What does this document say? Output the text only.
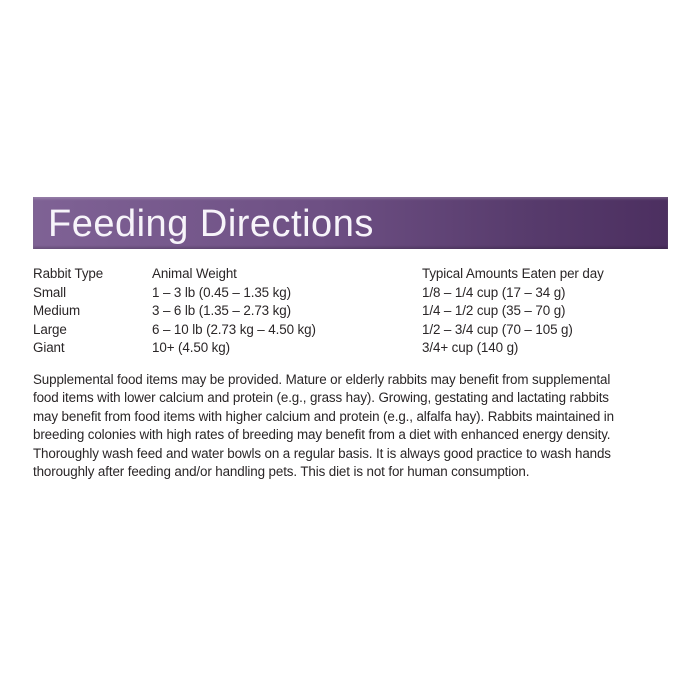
Feeding Directions
Rabbit Type	Animal Weight	Typical Amounts Eaten per day
Small	1 – 3 lb (0.45 – 1.35 kg)	1/8 – 1/4 cup (17 – 34 g)
Medium	3 – 6 lb (1.35 – 2.73 kg)	1/4 – 1/2 cup (35 – 70 g)
Large	6 – 10 lb (2.73 kg – 4.50 kg)	1/2 – 3/4 cup (70 – 105 g)
Giant	10+ (4.50 kg)	3/4+ cup (140 g)
Supplemental food items may be provided. Mature or elderly rabbits may benefit from supplemental
food items with lower calcium and protein (e.g., grass hay). Growing, gestating and lactating rabbits
may benefit from food items with higher calcium and protein (e.g., alfalfa hay). Rabbits maintained in
breeding colonies with high rates of breeding may benefit from a diet with enhanced energy density.
Thoroughly wash feed and water bowls on a regular basis. It is always good practice to wash hands
thoroughly after feeding and/or handling pets. This diet is not for human consumption.
